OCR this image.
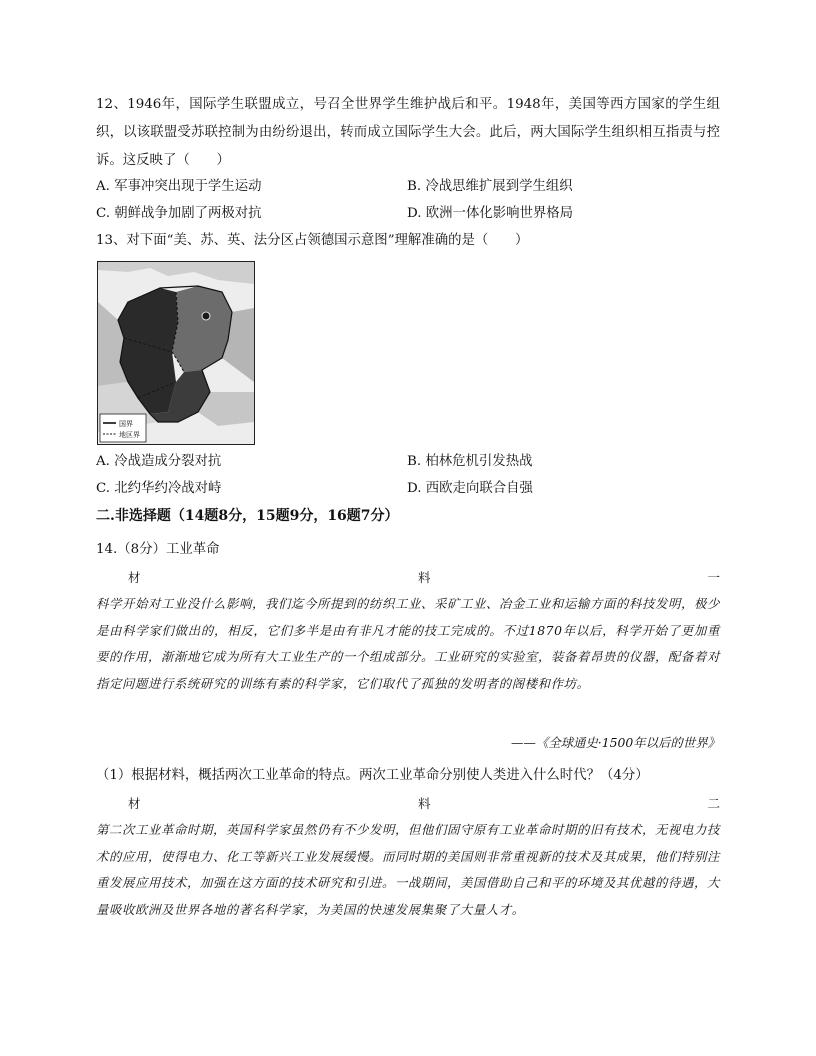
12、1946年，国际学生联盟成立，号召全世界学生维护战后和平。1948年，美国等西方国家的学生组织，以该联盟受苏联控制为由纷纷退出，转而成立国际学生大会。此后，两大国际学生组织相互指责与控诉。这反映了（　　）
A. 军事冲突出现于学生运动	B. 冷战思维扩展到学生组织
C. 朝鲜战争加剧了两极对抗	D. 欧洲一体化影响世界格局
13、对下面“美、苏、英、法分区占领德国示意图”理解准确的是（　　）
国界
地区界
A. 冷战造成分裂对抗	B. 柏林危机引发热战
C. 北约华约冷战对峙	D. 西欧走向联合自强
二.非选择题（14题8分，15题9分，16题7分）
14.（8分）工业革命
材	料	一
科学开始对工业没什么影响，我们迄今所提到的纺织工业、采矿工业、冶金工业和运输方面的科技发明，极少是由科学家们做出的，相反，它们多半是由有非凡才能的技工完成的。不过1870年以后，科学开始了更加重要的作用，渐渐地它成为所有大工业生产的一个组成部分。工业研究的实验室，装备着昂贵的仪器，配备着对指定问题进行系统研究的训练有素的科学家，它们取代了孤独的发明者的阁楼和作坊。
——《全球通史·1500年以后的世界》
（1）根据材料，概括两次工业革命的特点。两次工业革命分别使人类进入什么时代？（4分）
材	料	二
第二次工业革命时期，英国科学家虽然仍有不少发明，但他们固守原有工业革命时期的旧有技术，无视电力技术的应用，使得电力、化工等新兴工业发展缓慢。而同时期的美国则非常重视新的技术及其成果，他们特别注重发展应用技术，加强在这方面的技术研究和引进。一战期间，美国借助自己和平的环境及其优越的待遇，大量吸收欧洲及世界各地的著名科学家，为美国的快速发展集聚了大量人才。
